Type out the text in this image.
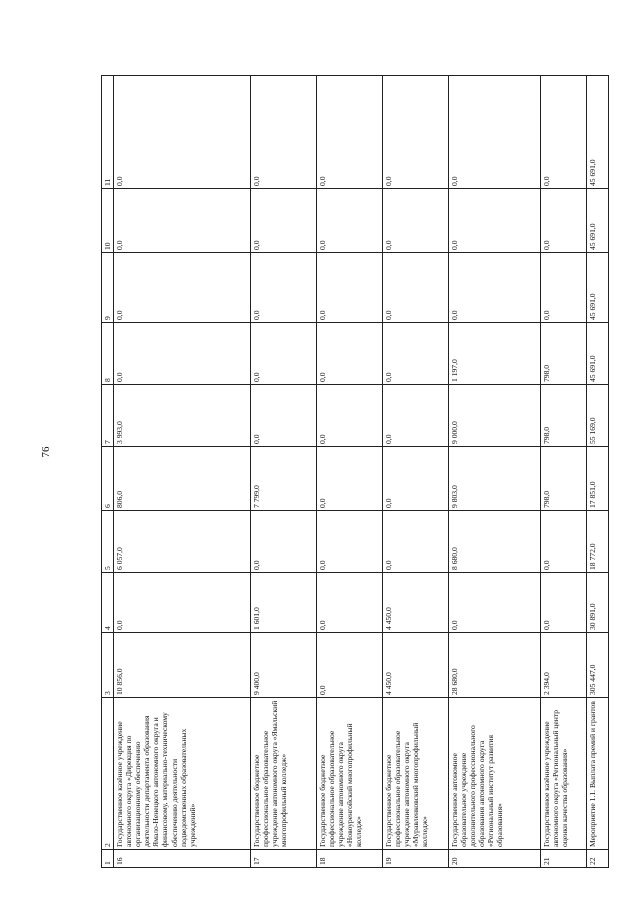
76
1	2	3	4	5	6	7	8	9	10	11
16	Государственное казённое учреждение автономного округа «Дирекция по организационному обеспечению деятельности департамента образования Ямало-Ненецкого автономного округа и финансовому, материально-техническому обеспечению деятельности подведомственных образовательных учреждений»	10 856,0	0,0	6 057,0	806,0	3 993,0	0,0	0,0	0,0	0,0
17	Государственное бюджетное профессиональное образовательное учреждение автономного округа «Ямальский многопрофильный колледж»	9 400,0	1 601,0	0,0	7 799,0	0,0	0,0	0,0	0,0	0,0
18	Государственное бюджетное профессиональное образовательное учреждение автономного округа «Новоуренгойский многопрофильный колледж»	0,0	0,0	0,0	0,0	0,0	0,0	0,0	0,0	0,0
19	Государственное бюджетное профессиональное образовательное учреждение автономного округа «Муравленковский многопрофильный колледж»	4 450,0	4 450,0	0,0	0,0	0,0	0,0	0,0	0,0	0,0
20	Государственное автономное образовательное учреждение дополнительного профессионального образования автономного округа «Региональный институт развития образования»	28 680,0	0,0	8 680,0	9 803,0	9 000,0	1 197,0	0,0	0,0	0,0
21	Государственное казённое учреждение автономного округа «Региональный центр оценки качества образования»	2 394,0	0,0	0,0	798,0	798,0	798,0	0,0	0,0	0,0
22	Мероприятие 1.1. Выплата премий и грантов	305 447,0	30 891,0	18 772,0	17 851,0	55 169,0	45 691,0	45 691,0	45 691,0	45 691,0
